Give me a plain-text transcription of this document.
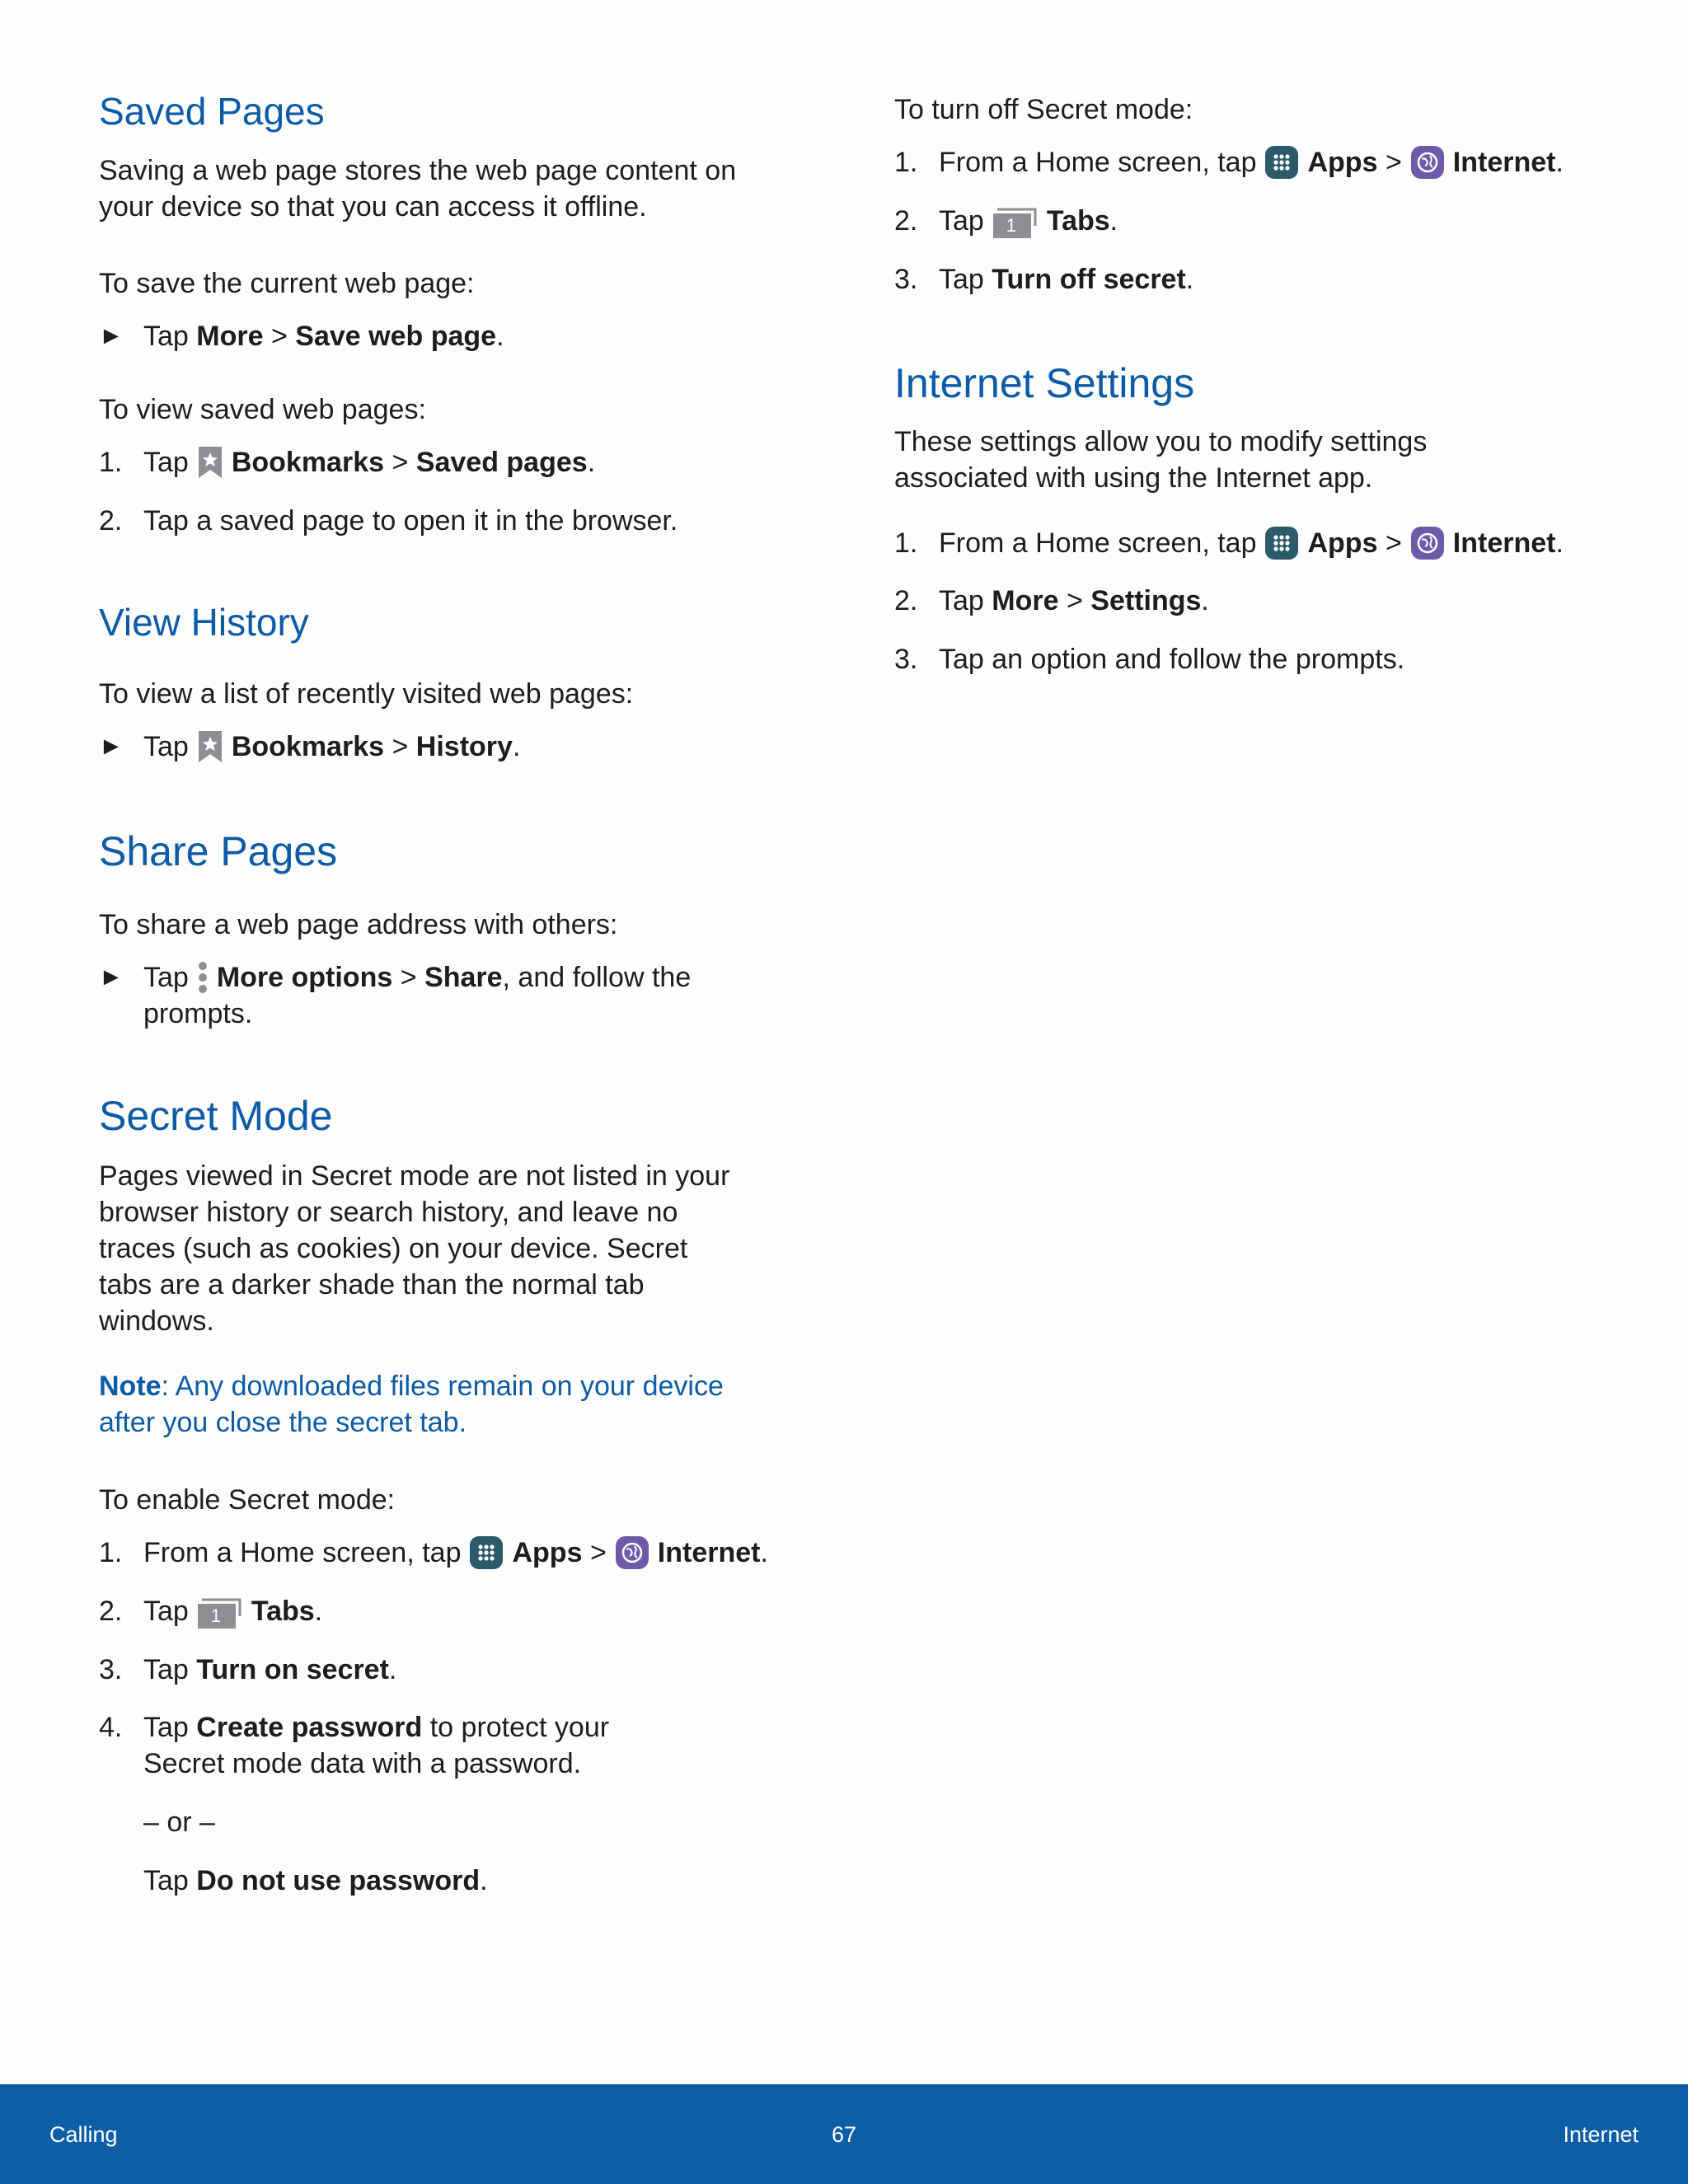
Saved Pages

Saving a web page stores the web page content on

your device so that you can access it offline.

To save the current web page:

► Tap
More
>
Save web page .

To view saved web pages:

1. Tap Bookmarks
>
Saved pages .
2. Tap a saved page to open it in the browser.
View History

To view a list of recently visited web pages:

► Tap Bookmarks
>
History .
Share Pages

To share a web page address with others:

► Tap More options
>
Share , and follow the

prompts.

Secret Mode

Pages viewed in Secret mode are not listed in your

browser history or search history, and leave no

traces (such as cookies) on your device. Secret

tabs are a darker shade than the normal tab

windows.

Note: Any downloaded files remain on your device

after you close the secret tab.

To enable Secret mode:

1. From a Home screen, tap Apps
> Internet .
2. Tap	1	Tabs .
3. Tap
Turn on secret .
4. Tap
Create password
to protect your

Secret mode data with a password.

– or –

Tap
Do not use password .

To turn off Secret mode:

1. From a Home screen, tap Apps
> Internet .
2. Tap	1	Tabs .
3. Tap
Turn off secret .
Internet Settings

These settings allow you to modify settings

associated with using the Internet app.

1. From a Home screen, tap Apps
> Internet .
2. Tap
More
>
Settings .
3. Tap an option and follow the prompts.
Calling	67	Internet
